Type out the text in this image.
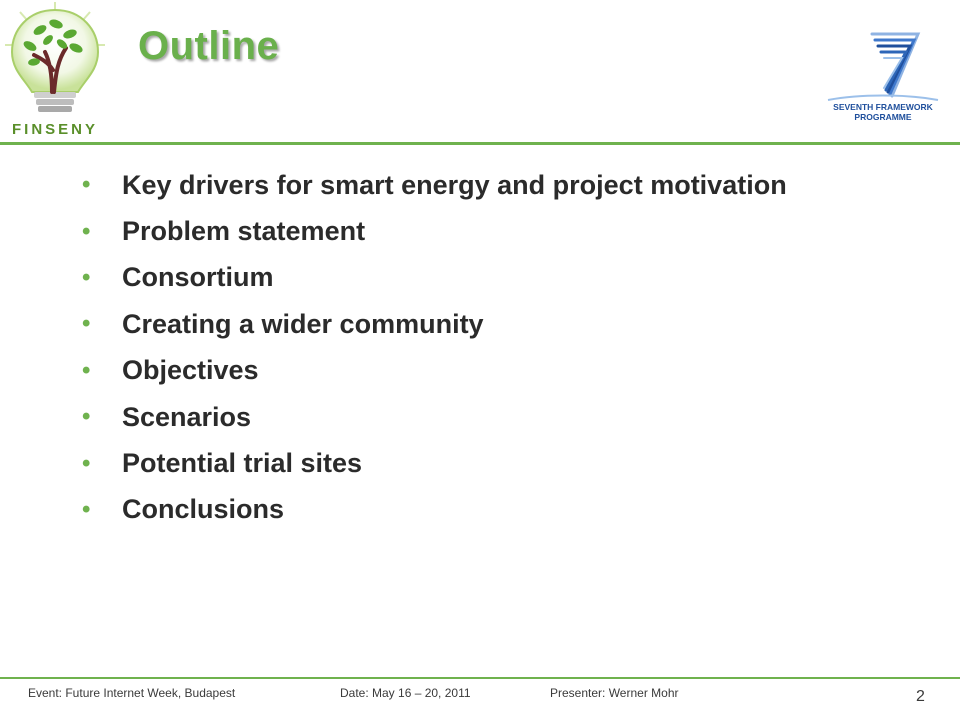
FINSENY
Outline
SEVENTH FRAMEWORK
PROGRAMME
•	Key drivers for smart energy and project motivation
•	Problem statement
•	Consortium
•	Creating a wider community
•	Objectives
•	Scenarios
•	Potential trial sites
•	Conclusions
Event: Future Internet Week, Budapest	Date: May 16 – 20, 2011	Presenter: Werner Mohr	2
